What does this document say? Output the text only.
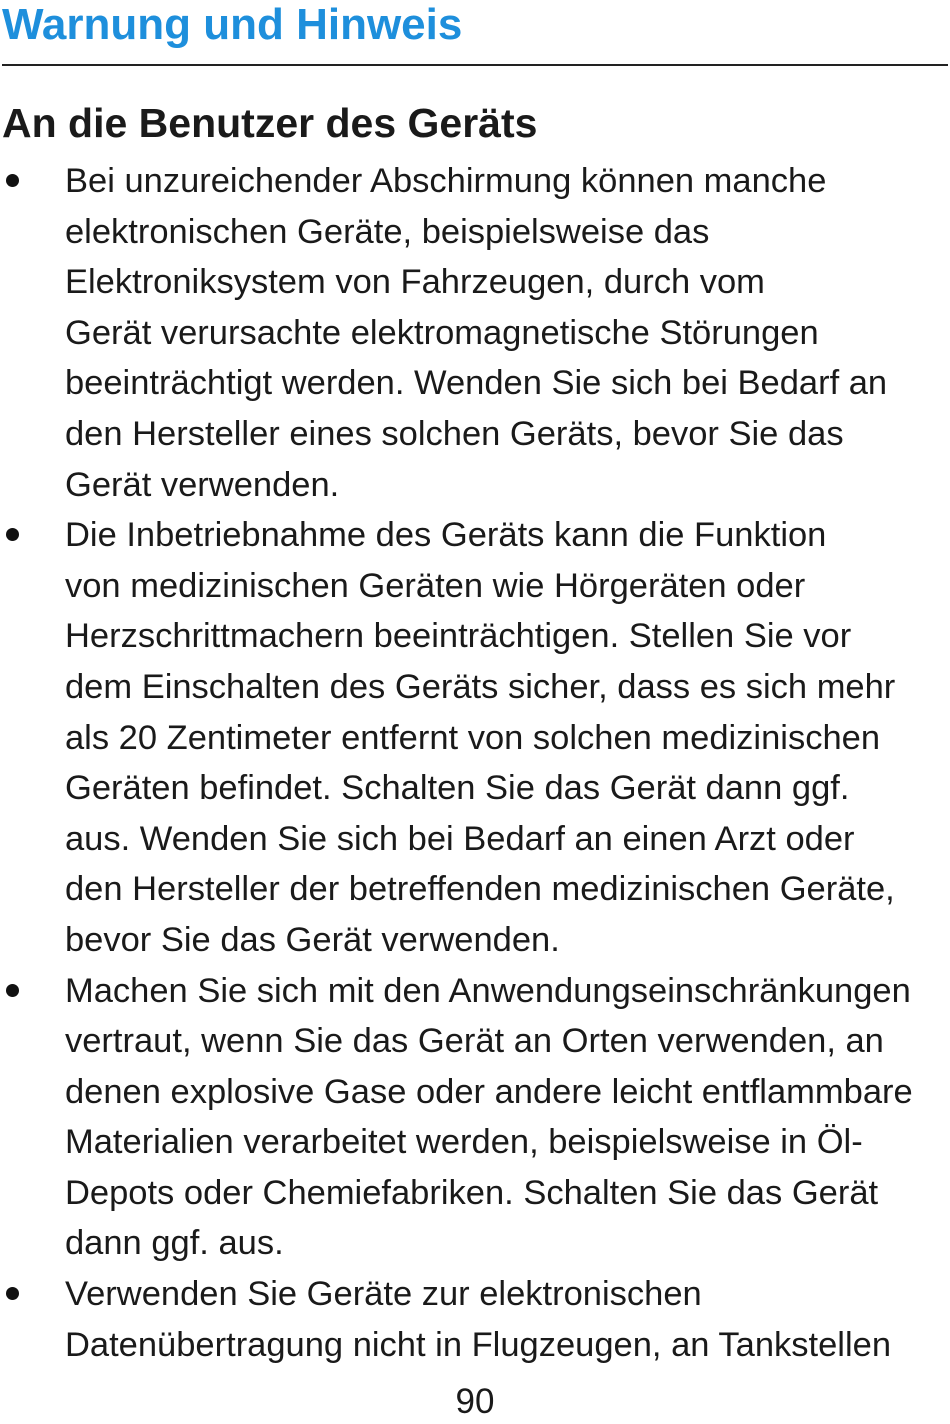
Warnung und Hinweis
An die Benutzer des Geräts
Bei unzureichender Abschirmung können manche
elektronischen Geräte, beispielsweise das
Elektroniksystem von Fahrzeugen, durch vom
Gerät verursachte elektromagnetische Störungen
beeinträchtigt werden. Wenden Sie sich bei Bedarf an
den Hersteller eines solchen Geräts, bevor Sie das
Gerät verwenden.
Die Inbetriebnahme des Geräts kann die Funktion
von medizinischen Geräten wie Hörgeräten oder
Herzschrittmachern beeinträchtigen. Stellen Sie vor
dem Einschalten des Geräts sicher, dass es sich mehr
als 20 Zentimeter entfernt von solchen medizinischen
Geräten befindet. Schalten Sie das Gerät dann ggf.
aus. Wenden Sie sich bei Bedarf an einen Arzt oder
den Hersteller der betreffenden medizinischen Geräte,
bevor Sie das Gerät verwenden.
Machen Sie sich mit den Anwendungseinschränkungen
vertraut, wenn Sie das Gerät an Orten verwenden, an
denen explosive Gase oder andere leicht entflammbare
Materialien verarbeitet werden, beispielsweise in Öl-
Depots oder Chemiefabriken. Schalten Sie das Gerät
dann ggf. aus.
Verwenden Sie Geräte zur elektronischen
Datenübertragung nicht in Flugzeugen, an Tankstellen
90
